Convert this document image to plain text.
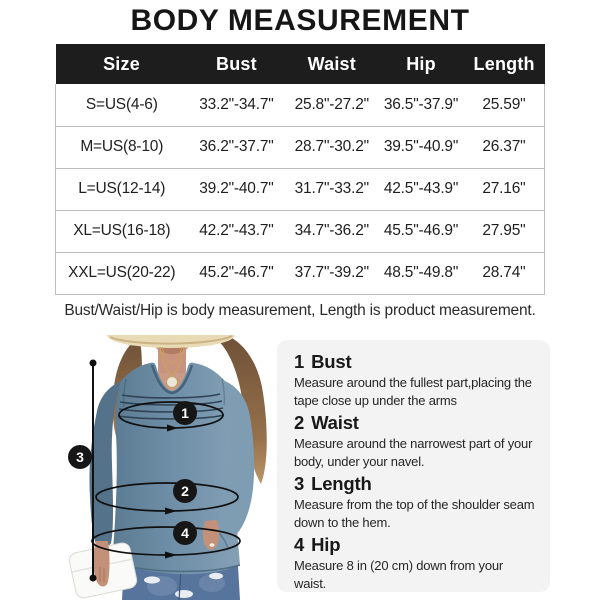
BODY MEASUREMENT
Size	Bust	Waist	Hip	Length
S=US(4-6)	33.2"-34.7"	25.8"-27.2"	36.5"-37.9"	25.59"
M=US(8-10)	36.2"-37.7"	28.7"-30.2"	39.5"-40.9"	26.37"
L=US(12-14)	39.2"-40.7"	31.7"-33.2"	42.5"-43.9"	27.16"
XL=US(16-18)	42.2"-43.7"	34.7"-36.2"	45.5"-46.9"	27.95"
XXL=US(20-22)	45.2"-46.7"	37.7"-39.2"	48.5"-49.8"	28.74"

Bust/Waist/Hip is body measurement, Length is product measurement.

1
2
3
4
1 Bust

Measure around the fullest part,placing the tape close up under the arms

2 Waist

Measure around the narrowest part of your body, under your navel.

3 Length

Measure from the top of the shoulder seam down to the hem.

4 Hip

Measure 8 in (20 cm) down from your waist.
